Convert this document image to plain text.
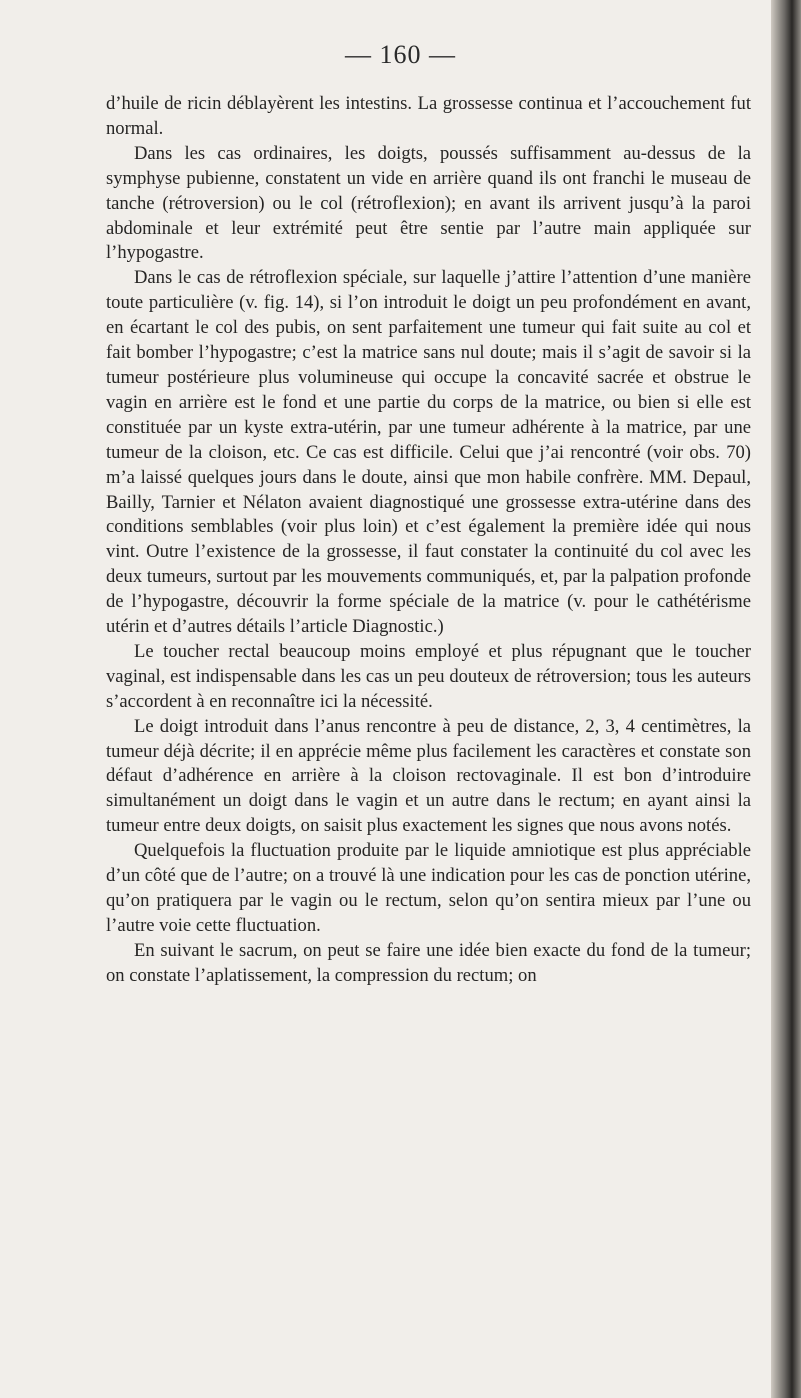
— 160 —

d’huile de ricin déblayèrent les intestins. La grossesse continua et l’accouchement fut normal.

Dans les cas ordinaires, les doigts, poussés suffisamment au-dessus de la symphyse pubienne, constatent un vide en arrière quand ils ont franchi le museau de tanche (rétroversion) ou le col (rétroflexion); en avant ils arrivent jusqu’à la paroi abdominale et leur extrémité peut être sentie par l’autre main appliquée sur l’hypogastre.

Dans le cas de rétroflexion spéciale, sur laquelle j’attire l’attention d’une manière toute particulière (v. fig. 14), si l’on introduit le doigt un peu profondément en avant, en écartant le col des pubis, on sent parfaitement une tumeur qui fait suite au col et fait bomber l’hypogastre; c’est la matrice sans nul doute; mais il s’agit de savoir si la tumeur postérieure plus volumineuse qui occupe la concavité sacrée et obstrue le vagin en arrière est le fond et une partie du corps de la matrice, ou bien si elle est constituée par un kyste extra-utérin, par une tumeur adhérente à la matrice, par une tumeur de la cloison, etc. Ce cas est difficile. Celui que j’ai rencontré (voir obs. 70) m’a laissé quelques jours dans le doute, ainsi que mon habile confrère. MM. Depaul, Bailly, Tarnier et Nélaton avaient diagnostiqué une grossesse extra-utérine dans des conditions semblables (voir plus loin) et c’est également la première idée qui nous vint. Outre l’existence de la grossesse, il faut constater la continuité du col avec les deux tumeurs, surtout par les mouvements communiqués, et, par la palpation profonde de l’hypogastre, découvrir la forme spéciale de la matrice (v. pour le cathétérisme utérin et d’autres détails l’article Diagnostic.)

Le toucher rectal beaucoup moins employé et plus répugnant que le toucher vaginal, est indispensable dans les cas un peu douteux de rétroversion; tous les auteurs s’accordent à en reconnaître ici la nécessité.

Le doigt introduit dans l’anus rencontre à peu de distance, 2, 3, 4 centimètres, la tumeur déjà décrite; il en apprécie même plus facilement les caractères et constate son défaut d’adhérence en arrière à la cloison rectovaginale. Il est bon d’introduire simultanément un doigt dans le vagin et un autre dans le rectum; en ayant ainsi la tumeur entre deux doigts, on saisit plus exactement les signes que nous avons notés.

Quelquefois la fluctuation produite par le liquide amniotique est plus appréciable d’un côté que de l’autre; on a trouvé là une indication pour les cas de ponction utérine, qu’on pratiquera par le vagin ou le rectum, selon qu’on sentira mieux par l’une ou l’autre voie cette fluctuation.

En suivant le sacrum, on peut se faire une idée bien exacte du fond de la tumeur; on constate l’aplatissement, la compression du rectum; on
